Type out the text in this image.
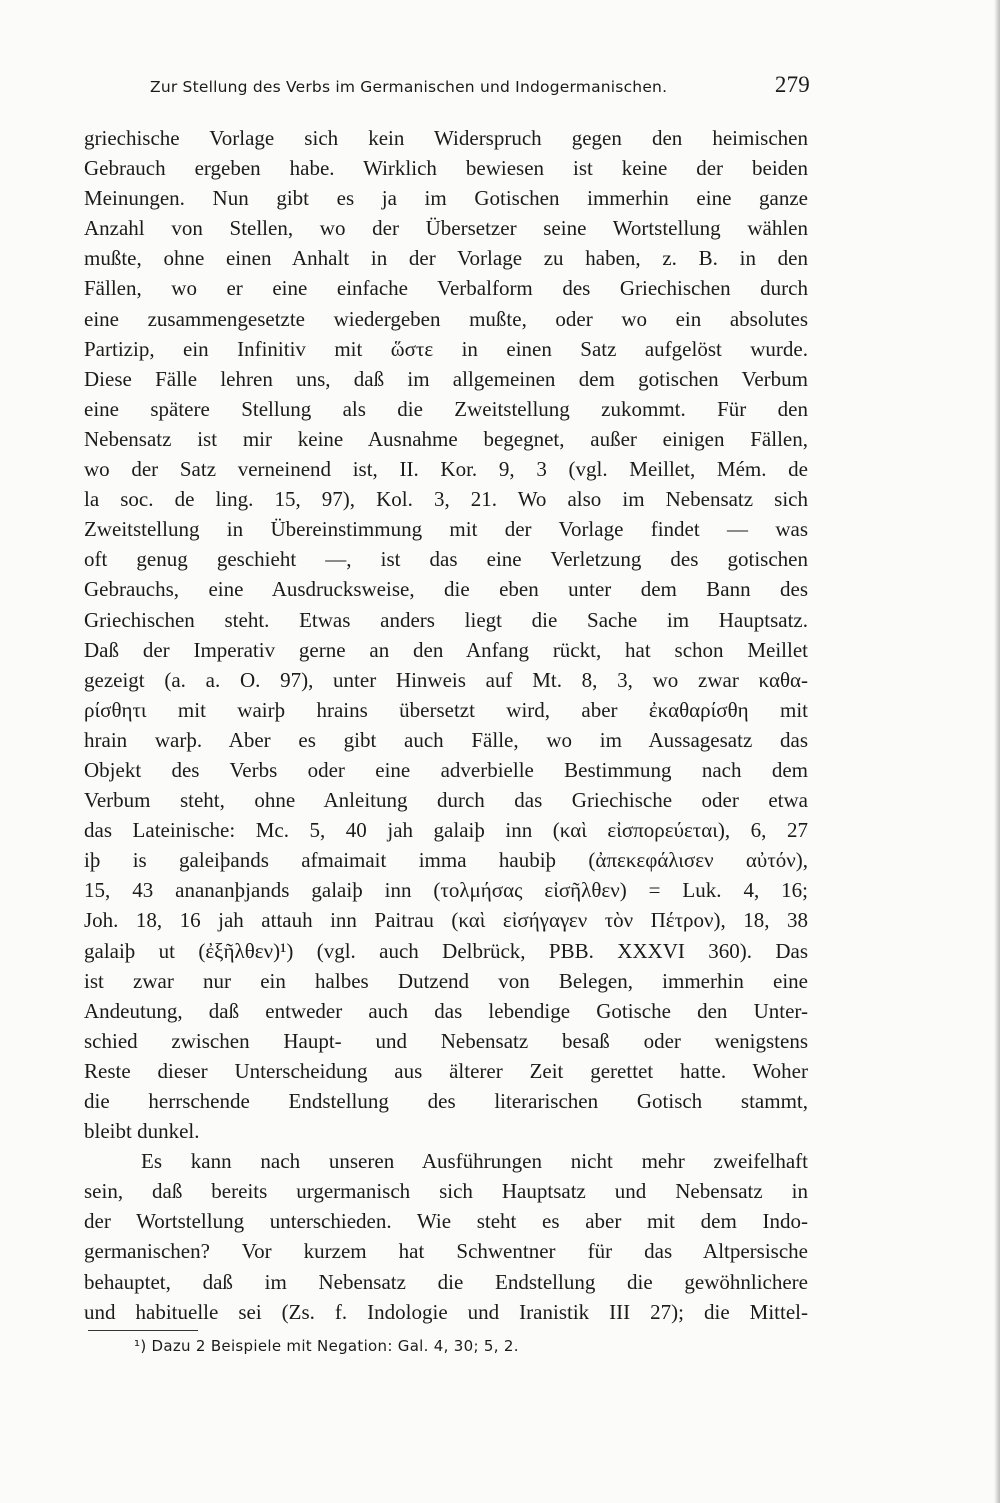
Zur Stellung des Verbs im Germanischen und Indogermanischen.	279
griechische Vorlage sich kein Widerspruch gegen den heimischen
Gebrauch ergeben habe. Wirklich bewiesen ist keine der beiden
Meinungen. Nun gibt es ja im Gotischen immerhin eine ganze
Anzahl von Stellen, wo der Übersetzer seine Wortstellung wählen
mußte, ohne einen Anhalt in der Vorlage zu haben, z. B. in den
Fällen, wo er eine einfache Verbalform des Griechischen durch
eine zusammengesetzte wiedergeben mußte, oder wo ein absolutes
Partizip, ein Infinitiv mit ὥστε in einen Satz aufgelöst wurde.
Diese Fälle lehren uns, daß im allgemeinen dem gotischen Verbum
eine spätere Stellung als die Zweitstellung zukommt. Für den
Nebensatz ist mir keine Ausnahme begegnet, außer einigen Fällen,
wo der Satz verneinend ist, II. Kor. 9, 3 (vgl. Meillet, Mém. de
la soc. de ling. 15, 97), Kol. 3, 21. Wo also im Nebensatz sich
Zweitstellung in Übereinstimmung mit der Vorlage findet — was
oft genug geschieht —, ist das eine Verletzung des gotischen
Gebrauchs, eine Ausdrucksweise, die eben unter dem Bann des
Griechischen steht. Etwas anders liegt die Sache im Hauptsatz.
Daß der Imperativ gerne an den Anfang rückt, hat schon Meillet
gezeigt (a. a. O. 97), unter Hinweis auf Mt. 8, 3, wo zwar καθα-
ρίσθητι mit wairþ hrains übersetzt wird, aber ἐκαθαρίσθη mit
hrain warþ. Aber es gibt auch Fälle, wo im Aussagesatz das
Objekt des Verbs oder eine adverbielle Bestimmung nach dem
Verbum steht, ohne Anleitung durch das Griechische oder etwa
das Lateinische: Mc. 5, 40 jah galaiþ inn (καὶ εἰσπορεύεται), 6, 27
iþ is galeiþands afmaimait imma haubiþ (ἀπεκεφάλισεν αὐτόν),
15, 43 anananþjands galaiþ inn (τολμήσας εἰσῆλθεν) = Luk. 4, 16;
Joh. 18, 16 jah attauh inn Paitrau (καὶ εἰσήγαγεν τὸν Πέτρον), 18, 38
galaiþ ut (ἐξῆλθεν)¹) (vgl. auch Delbrück, PBB. XXXVI 360). Das
ist zwar nur ein halbes Dutzend von Belegen, immerhin eine
Andeutung, daß entweder auch das lebendige Gotische den Unter-
schied zwischen Haupt- und Nebensatz besaß oder wenigstens
Reste dieser Unterscheidung aus älterer Zeit gerettet hatte. Woher
die herrschende Endstellung des literarischen Gotisch stammt,
bleibt dunkel.
Es kann nach unseren Ausführungen nicht mehr zweifelhaft
sein, daß bereits urgermanisch sich Hauptsatz und Nebensatz in
der Wortstellung unterschieden. Wie steht es aber mit dem Indo-
germanischen? Vor kurzem hat Schwentner für das Altpersische
behauptet, daß im Nebensatz die Endstellung die gewöhnlichere
und habituelle sei (Zs. f. Indologie und Iranistik III 27); die Mittel-
¹) Dazu 2 Beispiele mit Negation: Gal. 4, 30; 5, 2.
